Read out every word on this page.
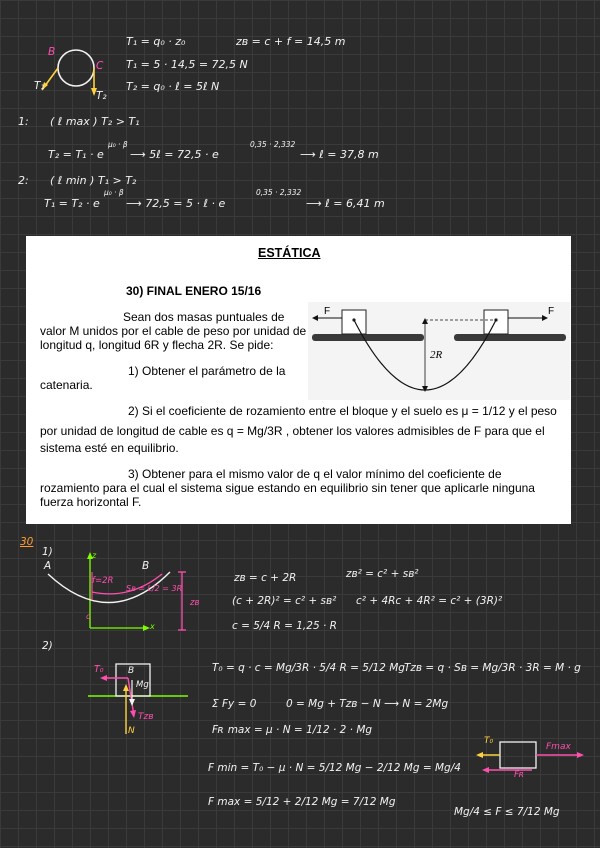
B
C
T₁
T₂
T₁ = q₀ · z₀	zʙ = c + f = 14,5 m
T₁ = 5 · 14,5 = 72,5 N
T₂ = q₀ · ℓ = 5ℓ N
1: ( ℓ max ) T₂ > T₁
T₂ = T₁ · e
μ₀ · β
⟶ 5ℓ = 72,5 · e
0,35 · 2,332
⟶ ℓ = 37,8 m
2: ( ℓ min ) T₁ > T₂
T₁ = T₂ · e
μ₀ · β
⟶ 72,5 = 5 · ℓ · e
0,35 · 2,332
⟶ ℓ = 6,41 m
ESTÁTICA
30) FINAL ENERO 15/16
Sean dos masas puntuales de
valor M unidos por el cable de peso por unidad de
longitud q, longitud 6R y flecha 2R. Se pide:
1) Obtener el parámetro de la
catenaria.
F	F
2R
2) Si el coeficiente de rozamiento entre el bloque y el suelo es μ = 1/12 y el peso
por unidad de longitud de cable es q = Mg/3R , obtener los valores admisibles de F para que el
sistema esté en equilibrio.
3) Obtener para el mismo valor de q el valor mínimo del coeficiente de
rozamiento para el cual el sistema sigue estando en equilibrio sin tener que aplicarle ninguna
fuerza horizontal F.
30
1)
2)
z
A	B
f=2R
Sʙ = L/2 = 3R
zʙ
c
x
zʙ = c + 2R	zʙ² = c² + sʙ²
(c + 2R)² = c² + sʙ² c² + 4Rc + 4R² = c² + (3R)²
c = 5/4 R = 1,25 · R
T₀	B
Mg
Tᴢʙ
N
T₀ = q · c = Mg/3R · 5/4 R = 5/12 Mg Tᴢʙ = q · Sʙ = Mg/3R · 3R = M · g
Σ Fy = 0	0 = Mg + Tᴢʙ − N ⟶ N = 2Mg
Fʀ max = μ · N = 1/12 · 2 · Mg
F min = T₀ − μ · N = 5/12 Mg − 2/12 Mg = Mg/4
F max = 5/12 + 2/12 Mg = 7/12 Mg
Mg/4 ≤ F ≤ 7/12 Mg
T₀
Fmax
Fʀ
